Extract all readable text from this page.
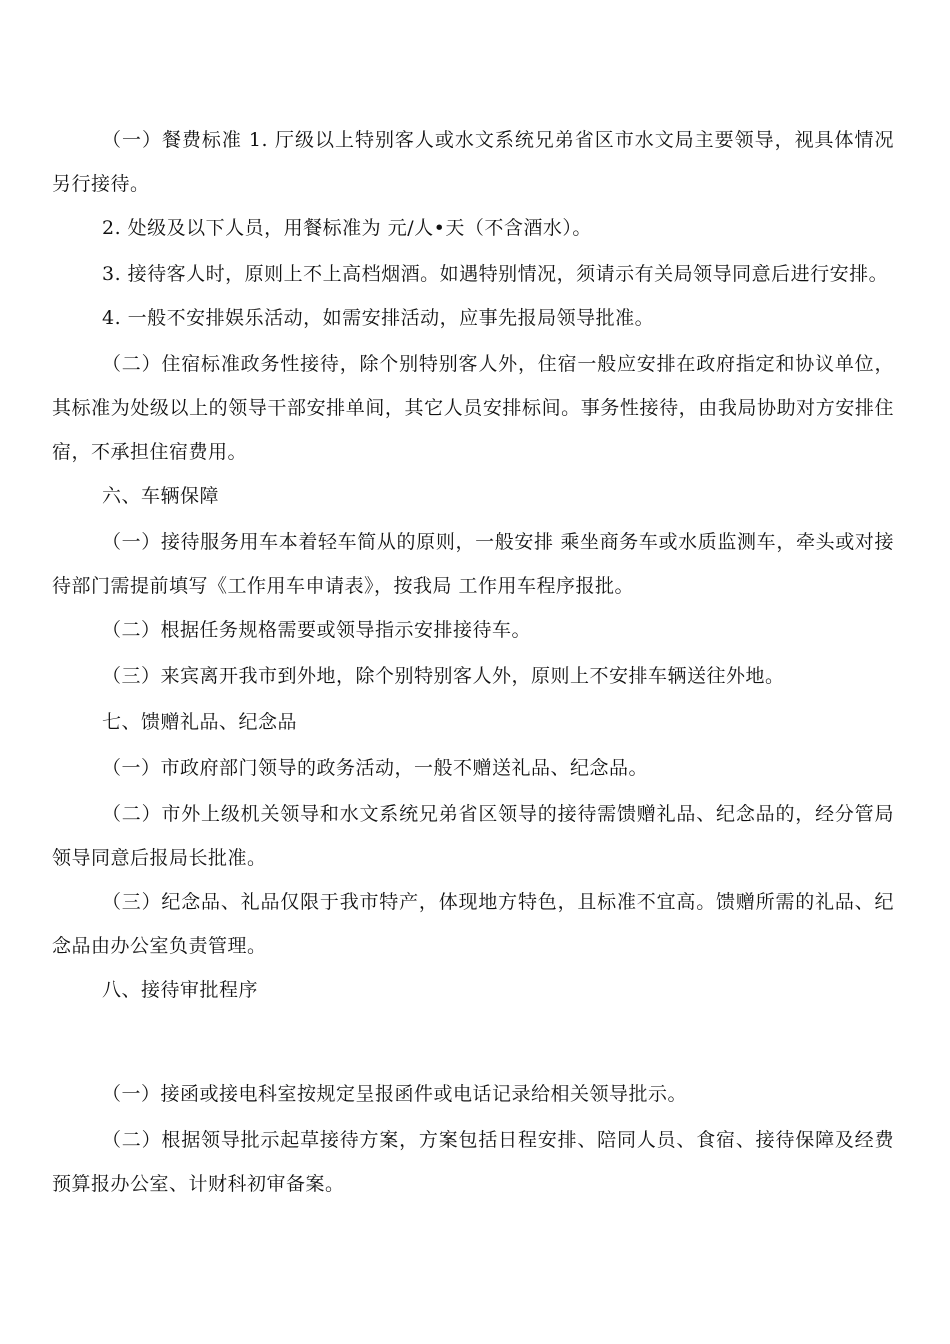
（一）餐费标准 1. 厅级以上特别客人或水文系统兄弟省区市水文局主要领导，视具体情况另行接待。

2. 处级及以下人员，用餐标准为 元/人•天（不含酒水）。

3. 接待客人时，原则上不上高档烟酒。如遇特别情况，须请示有关局领导同意后进行安排。

4. 一般不安排娱乐活动，如需安排活动，应事先报局领导批准。

（二）住宿标准政务性接待，除个别特别客人外，住宿一般应安排在政府指定和协议单位，其标准为处级以上的领导干部安排单间，其它人员安排标间。事务性接待，由我局协助对方安排住宿，不承担住宿费用。

六、车辆保障

（一）接待服务用车本着轻车简从的原则，一般安排 乘坐商务车或水质监测车，牵头或对接待部门需提前填写《工作用车申请表》，按我局 工作用车程序报批。

（二）根据任务规格需要或领导指示安排接待车。

（三）来宾离开我市到外地，除个别特别客人外，原则上不安排车辆送往外地。

七、馈赠礼品、纪念品

（一）市政府部门领导的政务活动，一般不赠送礼品、纪念品。

（二）市外上级机关领导和水文系统兄弟省区领导的接待需馈赠礼品、纪念品的，经分管局领导同意后报局长批准。

（三）纪念品、礼品仅限于我市特产，体现地方特色，且标准不宜高。馈赠所需的礼品、纪念品由办公室负责管理。

八、接待审批程序

（一）接函或接电科室按规定呈报函件或电话记录给相关领导批示。

（二）根据领导批示起草接待方案，方案包括日程安排、陪同人员、食宿、接待保障及经费预算报办公室、计财科初审备案。
